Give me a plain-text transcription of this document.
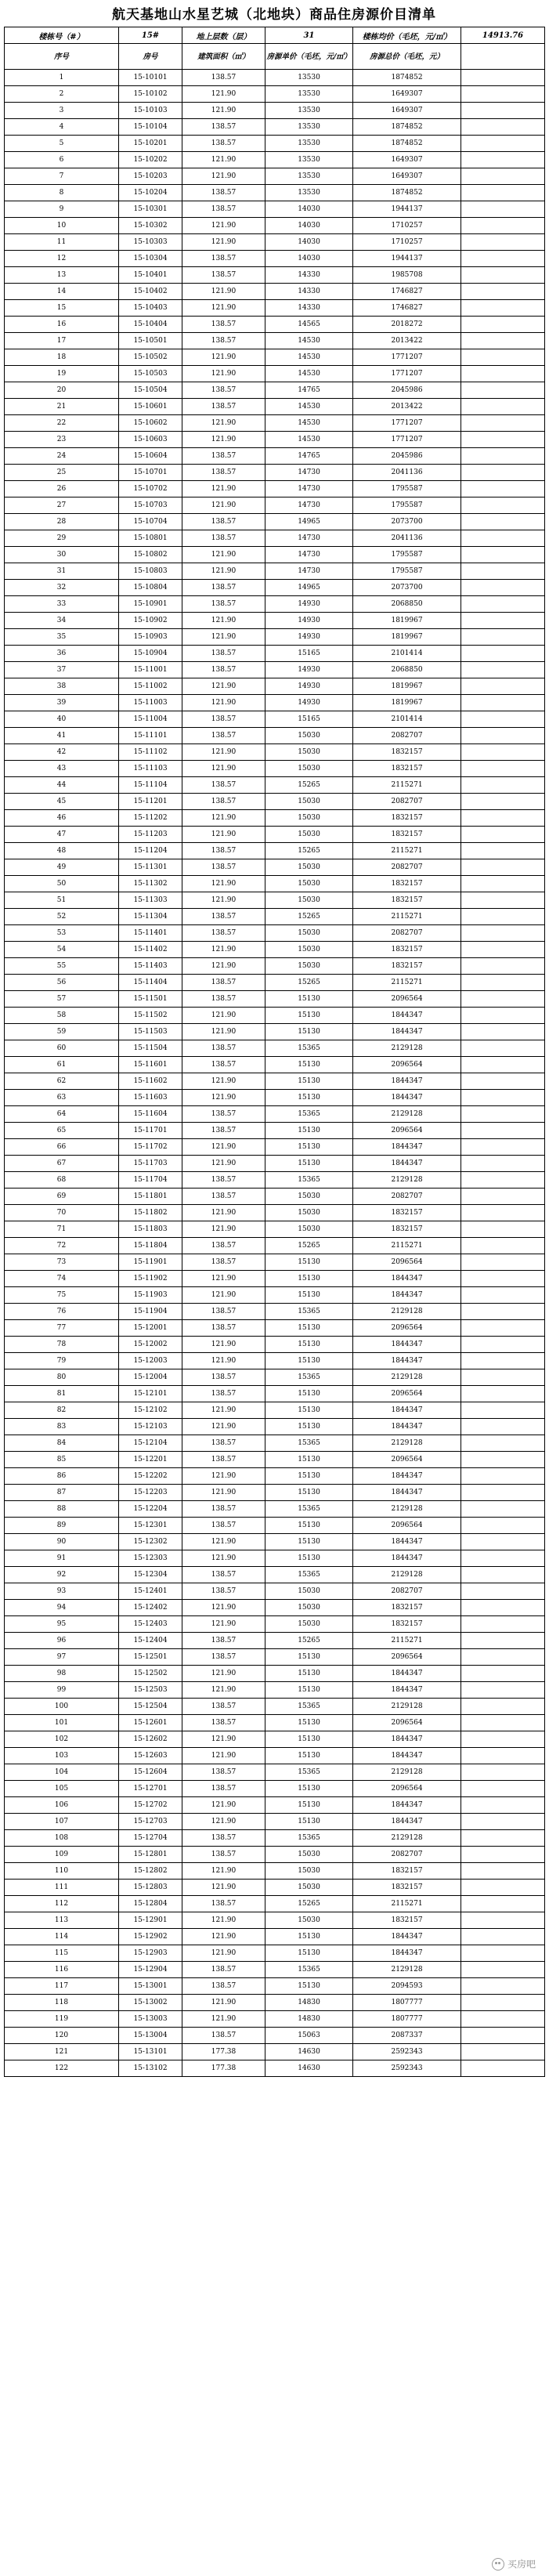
航天基地山水星艺城（北地块）商品住房源价目清单
楼栋号（#）	15#	地上层数（层）	31	楼栋均价（毛坯，元/㎡）	14913.76
序号	房号	建筑面积（㎡）	房源单价（毛坯，元/㎡）	房源总价（毛坯，元）	
1	15-10101	138.57	13530	1874852	
2	15-10102	121.90	13530	1649307	
3	15-10103	121.90	13530	1649307	
4	15-10104	138.57	13530	1874852	
5	15-10201	138.57	13530	1874852	
6	15-10202	121.90	13530	1649307	
7	15-10203	121.90	13530	1649307	
8	15-10204	138.57	13530	1874852	
9	15-10301	138.57	14030	1944137	
10	15-10302	121.90	14030	1710257	
11	15-10303	121.90	14030	1710257	
12	15-10304	138.57	14030	1944137	
13	15-10401	138.57	14330	1985708	
14	15-10402	121.90	14330	1746827	
15	15-10403	121.90	14330	1746827	
16	15-10404	138.57	14565	2018272	
17	15-10501	138.57	14530	2013422	
18	15-10502	121.90	14530	1771207	
19	15-10503	121.90	14530	1771207	
20	15-10504	138.57	14765	2045986	
21	15-10601	138.57	14530	2013422	
22	15-10602	121.90	14530	1771207	
23	15-10603	121.90	14530	1771207	
24	15-10604	138.57	14765	2045986	
25	15-10701	138.57	14730	2041136	
26	15-10702	121.90	14730	1795587	
27	15-10703	121.90	14730	1795587	
28	15-10704	138.57	14965	2073700	
29	15-10801	138.57	14730	2041136	
30	15-10802	121.90	14730	1795587	
31	15-10803	121.90	14730	1795587	
32	15-10804	138.57	14965	2073700	
33	15-10901	138.57	14930	2068850	
34	15-10902	121.90	14930	1819967	
35	15-10903	121.90	14930	1819967	
36	15-10904	138.57	15165	2101414	
37	15-11001	138.57	14930	2068850	
38	15-11002	121.90	14930	1819967	
39	15-11003	121.90	14930	1819967	
40	15-11004	138.57	15165	2101414	
41	15-11101	138.57	15030	2082707	
42	15-11102	121.90	15030	1832157	
43	15-11103	121.90	15030	1832157	
44	15-11104	138.57	15265	2115271	
45	15-11201	138.57	15030	2082707	
46	15-11202	121.90	15030	1832157	
47	15-11203	121.90	15030	1832157	
48	15-11204	138.57	15265	2115271	
49	15-11301	138.57	15030	2082707	
50	15-11302	121.90	15030	1832157	
51	15-11303	121.90	15030	1832157	
52	15-11304	138.57	15265	2115271	
53	15-11401	138.57	15030	2082707	
54	15-11402	121.90	15030	1832157	
55	15-11403	121.90	15030	1832157	
56	15-11404	138.57	15265	2115271	
57	15-11501	138.57	15130	2096564	
58	15-11502	121.90	15130	1844347	
59	15-11503	121.90	15130	1844347	
60	15-11504	138.57	15365	2129128	
61	15-11601	138.57	15130	2096564	
62	15-11602	121.90	15130	1844347	
63	15-11603	121.90	15130	1844347	
64	15-11604	138.57	15365	2129128	
65	15-11701	138.57	15130	2096564	
66	15-11702	121.90	15130	1844347	
67	15-11703	121.90	15130	1844347	
68	15-11704	138.57	15365	2129128	
69	15-11801	138.57	15030	2082707	
70	15-11802	121.90	15030	1832157	
71	15-11803	121.90	15030	1832157	
72	15-11804	138.57	15265	2115271	
73	15-11901	138.57	15130	2096564	
74	15-11902	121.90	15130	1844347	
75	15-11903	121.90	15130	1844347	
76	15-11904	138.57	15365	2129128	
77	15-12001	138.57	15130	2096564	
78	15-12002	121.90	15130	1844347	
79	15-12003	121.90	15130	1844347	
80	15-12004	138.57	15365	2129128	
81	15-12101	138.57	15130	2096564	
82	15-12102	121.90	15130	1844347	
83	15-12103	121.90	15130	1844347	
84	15-12104	138.57	15365	2129128	
85	15-12201	138.57	15130	2096564	
86	15-12202	121.90	15130	1844347	
87	15-12203	121.90	15130	1844347	
88	15-12204	138.57	15365	2129128	
89	15-12301	138.57	15130	2096564	
90	15-12302	121.90	15130	1844347	
91	15-12303	121.90	15130	1844347	
92	15-12304	138.57	15365	2129128	
93	15-12401	138.57	15030	2082707	
94	15-12402	121.90	15030	1832157	
95	15-12403	121.90	15030	1832157	
96	15-12404	138.57	15265	2115271	
97	15-12501	138.57	15130	2096564	
98	15-12502	121.90	15130	1844347	
99	15-12503	121.90	15130	1844347	
100	15-12504	138.57	15365	2129128	
101	15-12601	138.57	15130	2096564	
102	15-12602	121.90	15130	1844347	
103	15-12603	121.90	15130	1844347	
104	15-12604	138.57	15365	2129128	
105	15-12701	138.57	15130	2096564	
106	15-12702	121.90	15130	1844347	
107	15-12703	121.90	15130	1844347	
108	15-12704	138.57	15365	2129128	
109	15-12801	138.57	15030	2082707	
110	15-12802	121.90	15030	1832157	
111	15-12803	121.90	15030	1832157	
112	15-12804	138.57	15265	2115271	
113	15-12901	121.90	15030	1832157	
114	15-12902	121.90	15130	1844347	
115	15-12903	121.90	15130	1844347	
116	15-12904	138.57	15365	2129128	
117	15-13001	138.57	15130	2094593	
118	15-13002	121.90	14830	1807777	
119	15-13003	121.90	14830	1807777	
120	15-13004	138.57	15063	2087337	
121	15-13101	177.38	14630	2592343	
122	15-13102	177.38	14630	2592343	
买房吧
